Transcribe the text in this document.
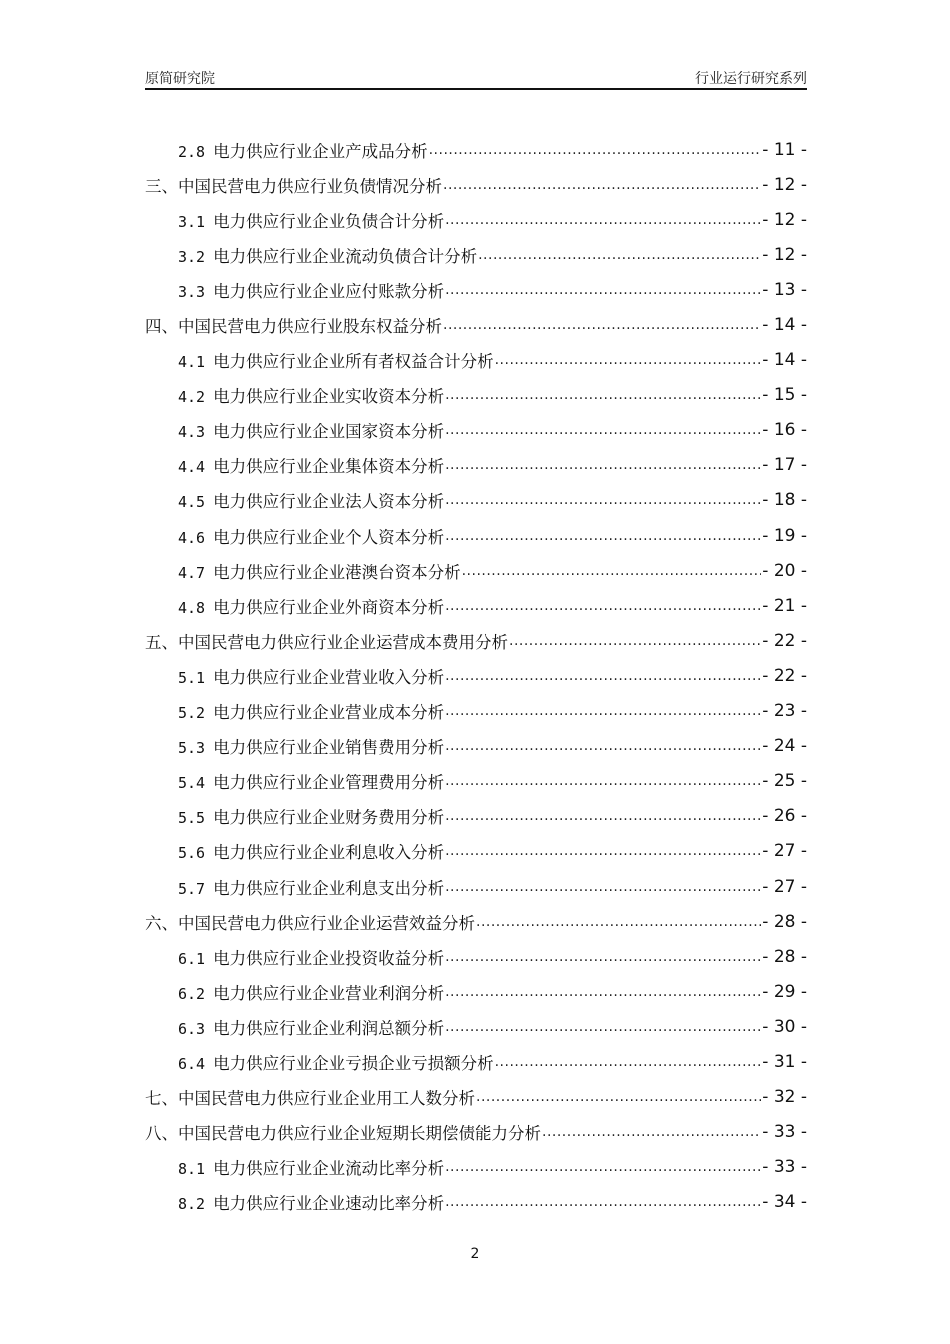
原简研究院	行业运行研究系列
2.8 电力供应行业企业产成品分析 .....	- 11 -
三、中国民营电力供应行业负债情况分析 .....	- 12 -
3.1 电力供应行业企业负债合计分析 .....	- 12 -
3.2 电力供应行业企业流动负债合计分析 .....	- 12 -
3.3 电力供应行业企业应付账款分析 .....	- 13 -
四、中国民营电力供应行业股东权益分析 .....	- 14 -
4.1 电力供应行业企业所有者权益合计分析 .....	- 14 -
4.2 电力供应行业企业实收资本分析 .....	- 15 -
4.3 电力供应行业企业国家资本分析 .....	- 16 -
4.4 电力供应行业企业集体资本分析 .....	- 17 -
4.5 电力供应行业企业法人资本分析 .....	- 18 -
4.6 电力供应行业企业个人资本分析 .....	- 19 -
4.7 电力供应行业企业港澳台资本分析 .....	- 20 -
4.8 电力供应行业企业外商资本分析 .....	- 21 -
五、中国民营电力供应行业企业运营成本费用分析 .....	- 22 -
5.1 电力供应行业企业营业收入分析 .....	- 22 -
5.2 电力供应行业企业营业成本分析 .....	- 23 -
5.3 电力供应行业企业销售费用分析 .....	- 24 -
5.4 电力供应行业企业管理费用分析 .....	- 25 -
5.5 电力供应行业企业财务费用分析 .....	- 26 -
5.6 电力供应行业企业利息收入分析 .....	- 27 -
5.7 电力供应行业企业利息支出分析 .....	- 27 -
六、中国民营电力供应行业企业运营效益分析 .....	- 28 -
6.1 电力供应行业企业投资收益分析 .....	- 28 -
6.2 电力供应行业企业营业利润分析 .....	- 29 -
6.3 电力供应行业企业利润总额分析 .....	- 30 -
6.4 电力供应行业企业亏损企业亏损额分析 .....	- 31 -
七、中国民营电力供应行业企业用工人数分析 .....	- 32 -
八、中国民营电力供应行业企业短期长期偿债能力分析 .....	- 33 -
8.1 电力供应行业企业流动比率分析 .....	- 33 -
8.2 电力供应行业企业速动比率分析 .....	- 34 -
2
